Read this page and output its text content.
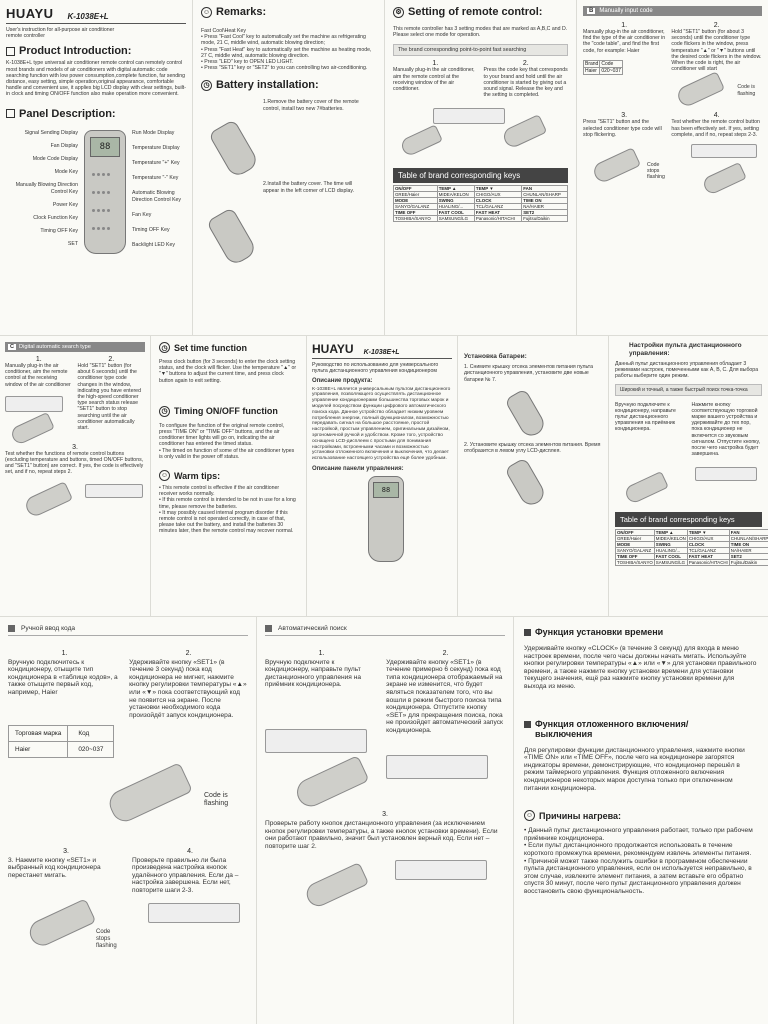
HUAYU K-1038E+L
User's instruction for all-purpose air conditioner remote controller
Product Introduction:
K-1038E+L type universal air conditioner remote control can remotely control most brands and models of air conditioners with digital automatic code searching function with low power consumption,complete function, far sending distance, easy setting, simple operation,original appearance, comfortable handle and convenient use, it applies big LCD display with clear settings, built-in clock and timing ON/OFF function also make operation more convenient.
Panel Description:
88

Signal Sending Display
Fan Display
Mode Code Display
Mode Key
Manually Blowing Direction Control Key
Power Key
Clock Function Key
Timing OFF Key
SET
Run Mode Display
Temperature Display
Temperature "+" Key
Temperature "-" Key
Automatic Blowing Direction Control Key
Fan Key
Timing OFF Key
Backlight LED Key
☺ Remarks:
Fast Cool\Heat Key
• Press "Fast Cool" key to automatically set the machine as refrigerating mode, 21 C, middle wind, automatic blowing direction;
• Press "Fast Heat" key to automatically set the machine as heating mode, 27 C, middle wind, automatic blowing direction.
• Press "LED" key to OPEN LED LIGHT.
• Press "SET1" key or "SET2" to you can controlling two air-conditioning.
◷ Battery installation:
1.Remove the battery cover of the remote control, install two new 7#batteries.
2.Install the battery cover. The time will appear in the left corner of LCD display.
⚙ Setting of remote control:
This remote controller has 3 setting modes that are marked as A,B,C and D. Please select one mode for operation.
The brand corresponding point-to-point fast searching
1.
Manually plug-in the air conditioner, aim the remote control at the receiving window of the air conditioner.
2.
Press the code key that corresponds to your brand and hold until the air conditioner is started by giving out a sound signal. Release the key and the setting is completed.
Table of brand corresponding keys
ON/OFF	TEMP ▲	TEMP ▼	FAN
GREE/Haier	MIDEA/KELON	CHIGO/AUX	CHUNLAN/SHARP
MODE	SWING	CLOCK	TIME ON
SANYO/GALANZ	HUALING/...	TCL/GALANZ	NA/HAIER
TIME OFF	FAST COOL	FAST HEAT	SET2
TOSHIBA/SANYO	SAMSUNG/LG	Panasonic/HITACHI	Fujitsu/Daikin
B	Manually input code
1.
Manually plug-in the air conditioner, find the type of the air conditioner in the "code table", and find the first code, for example: Haier
Brand	Code
Haier	020~037
2.
Hold "SET1" button (for about 3 seconds) until the conditioner type code flickers in the window, press temperature "▲" or "▼" buttons until the desired code flickers in the window. When the code is right, the air conditioner will start
Code is flashing
3.
Press "SET1" button and the selected conditioner type code will stop flickering.
4.
Test whether the remote control button has been effectively set. If yes, setting complete, and if no, repeat steps 2-3.
Code stops flashing
C Digital automatic search type
1.
Manually plug-in the air conditioner, aim the remote control at the receiving window of the air conditioner
2.
Hold "SET1" button (for about 6 seconds) until the conditioner type code changes in the window, indicating you have entered the high-speed conditioner type search status release "SET1" button to stop searching until the air conditioner automatically start.
3.
Test whether the functions of remote control buttons (excluding temperature and buttons, timed ON/OFF buttons, and "SET1" button) are correct. If yes, the code is effectively set, and if no, repeat steps 2.
◷ Set time function
Press clock button (for 3 seconds) to enter the clock setting status, and the clock will flicker. Use the temperature "▲" or "▼" buttons to adjust the current time, and press clock button again to exit setting.
◷ Timing ON/OFF function
To configure the function of the original remote control, press "TIME ON" or "TIME OFF" buttons, and the air conditioner timer lights will go on, indicating the air conditioner has entered the timed status.
• The timed on function of some of the air conditioner types is only valid in the power off status.
☺ Warm tips:
• This remote control is effective if the air conditioner receiver works normally.
• If this remote control is intended to be not in use for a long time, please remove the batteries.
• It may possibly caused internal program disorder if this remote control is not operated correctly, in case of that, please take out the battery, and install the batteries 30 minutes later, then the remote control may recover normal.
HUAYU K-1038E+L
Руководство по использованию для универсального пульта дистанционного управления кондиционером
Описание продукта:
K-1038E+L является универсальным пультом дистанционного управления, позволяющего осуществлять дистанционное управление кондиционерами большинства торговых марок и моделей посредством функции цифрового автоматического поиска кода. Данное устройство обладает низким уровнем потребления энергии, полный функционалом, возможностью передавать сигнал на большое расстояние, простой настройкой, простым управлением, оригинальным дизайном, эргономичной ручкой и удобством. Кроме того, устройство оснащено LCD-дисплеем с простыми для понимания настройками, встроенными часами и возможностью установки отложенного включения и выключения, что делает использование настоящего устройства ещё более удобным.
Описание панели управления:
88
Установка батареи:
1. Снимите крышку отсека элементов питания пульта дистанционного управления, установите две новые батареи № 7.
2. Установите крышку отсека элементов питания. Время отобразится в левом углу LCD-дисплея.
Настройки пульта дистанционного управления:
Данный пульт дистанционного управления обладает 3 режимами настроек, помеченными как A, B, C. Для выбора работы выберите один режим.
Широкий и точный, а также быстрый поиск точка-точка
Вручную подключите к кондиционеру, направьте пульт дистанционного управления на приёмник кондиционера.
Нажмите кнопку соответствующую торговой марке вашего устройства и удерживайте до тех пор, пока кондиционер не включится со звуковым сигналом. Отпустите кнопку, после чего настройка будет завершена.
Table of brand corresponding keys
ON/OFF	TEMP ▲	TEMP ▼	FAN
GREE/Haier	MIDEA/KELON	CHIGO/AUX	CHUNLAN/SHARP
MODE	SWING	CLOCK	TIME ON
SANYO/GALANZ	HUALING/...	TCL/GALANZ	NA/HAIER
TIME OFF	FAST COOL	FAST HEAT	SET2
TOSHIBA/SANYO	SAMSUNG/LG	Panasonic/HITACHI	Fujitsu/Daikin
Ручной ввод кода
1.
Вручную подключитесь к кондиционеру, отыщите тип кондиционера в «таблице кодов», а также отыщите первый код, например, Haier
Торговая марка	Код
Haier	020~037
2.
Удерживайте кнопку «SET1» (в течение 3 секунд) пока код кондиционера не мигнет, нажмите кнопку регулировки температуры «▲» или «▼» пока соответствующий код не появится на экране. После установки необходимого кода произойдёт запуск кондиционера.
Code is flashing
3.
3. Нажмите кнопку «SET1» и выбранный код кондиционера перестанет мигать.
4.
Проверьте правильно ли была произведена настройка кнопок удалённого управления. Если да – настройка завершена. Если нет, повторите шаги 2-3.
Code stops flashing
Автоматический поиск
1.
Вручную подключите к кондиционеру, направьте пульт дистанционного управления на приёмник кондиционера.
2.
Удерживайте кнопку «SET1» (в течение примерно 6 секунд) пока код типа кондиционера отображаемый на экране не изменится, что будет являться показателем того, что вы вошли в режим быстрого поиска типа кондиционера. Отпустите кнопку «SET» для прекращения поиска, пока не произойдет автоматический запуск кондиционера.
3.
Проверьте работу кнопок дистанционного управления (за исключением кнопок регулировки температуры, а также кнопок установки времени). Если они работают правильно, значит был установлен верный код. Если нет – повторите шаг 2.
Функция установки времени
Удерживайте кнопку «CLOCK» (в течение 3 секунд) для входа в меню настроек времени, после чего часы должны начать мигать. Используйте кнопки регулировки температуры «▲» или «▼» для установки правильного времени, а также нажмите кнопку установки времени для установки текущего значения, ещё раз нажмите кнопку установки времени для выхода из меню.
Функция отложенного включения/выключения
Для регулировки функции дистанционного управления, нажмите кнопки «TIME ON» или «TIME OFF», после чего на кондиционере загорятся индикаторы времени, демонстрирующие, что кондиционер перешёл в режим таймерного управления. Функция отложенного включения кондиционеров некоторых марок доступна только при отключенном питании кондиционера.
☺ Причины нагрева:
• Данный пульт дистанционного управления работает, только при рабочем приёмнике кондиционера.
• Если пульт дистанционного продолжается использовать в течение короткого промежутка времени, рекомендуем извлечь элементы питания.
• Причиной может также послужить ошибки в программном обеспечении пульта дистанционного управления, если он используется неправильно, в этом случае, извлеките элемент питания, а затем вставьте его обратно спустя 30 минут, после чего пульт дистанционного управления должен восстановить свою функциональность.
